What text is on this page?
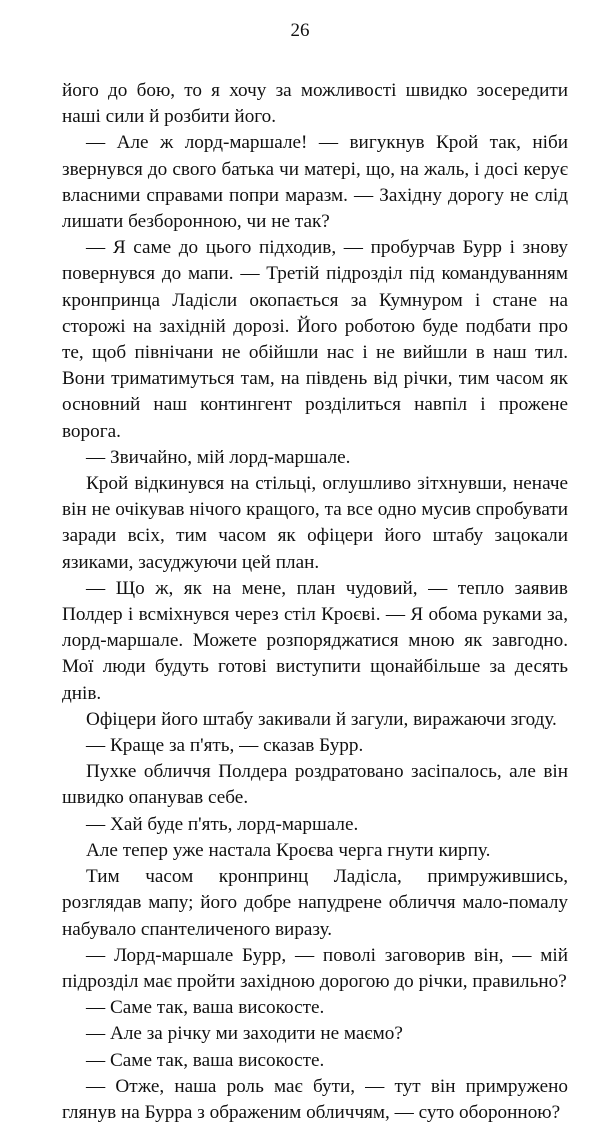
26

його до бою, то я хочу за можливості швидко зосередити наші сили й розбити його.

— Але ж лорд-маршале! — вигукнув Крой так, ніби звернувся до свого батька чи матері, що, на жаль, і досі керує власними справами попри маразм. — Західну дорогу не слід лишати безборонною, чи не так?

— Я саме до цього підходив, — пробурчав Бурр і знову повернувся до мапи. — Третій підрозділ під командуванням кронпринца Ладісли окопається за Кумнуром і стане на сторожі на західній дорозі. Його роботою буде подбати про те, щоб північани не обійшли нас і не вийшли в наш тил. Вони триматимуться там, на південь від річки, тим часом як основний наш контингент розділиться навпіл і прожене ворога.

— Звичайно, мій лорд-маршале.

Крой відкинувся на стільці, оглушливо зітхнувши, неначе він не очікував нічого кращого, та все одно мусив спробувати заради всіх, тим часом як офіцери його штабу зацокали язиками, засуджуючи цей план.

— Що ж, як на мене, план чудовий, — тепло заявив Полдер і всміхнувся через стіл Кроєві. — Я обома руками за, лорд-маршале. Можете розпоряджатися мною як завгодно. Мої люди будуть готові виступити щонайбільше за десять днів.

Офіцери його штабу закивали й загули, виражаючи згоду.

— Краще за п'ять, — сказав Бурр.

Пухке обличчя Полдера роздратовано засіпалось, але він швидко опанував себе.

— Хай буде п'ять, лорд-маршале.

Але тепер уже настала Кроєва черга гнути кирпу.

Тим часом кронпринц Ладісла, примружившись, розглядав мапу; його добре напудрене обличчя мало-помалу набувало спантеличеного виразу.

— Лорд-маршале Бурр, — поволі заговорив він, — мій підрозділ має пройти західною дорогою до річки, правильно?

— Саме так, ваша високосте.

— Але за річку ми заходити не маємо?

— Саме так, ваша високосте.

— Отже, наша роль має бути, — тут він примружено глянув на Бурра з ображеним обличчям, — суто оборонною?
